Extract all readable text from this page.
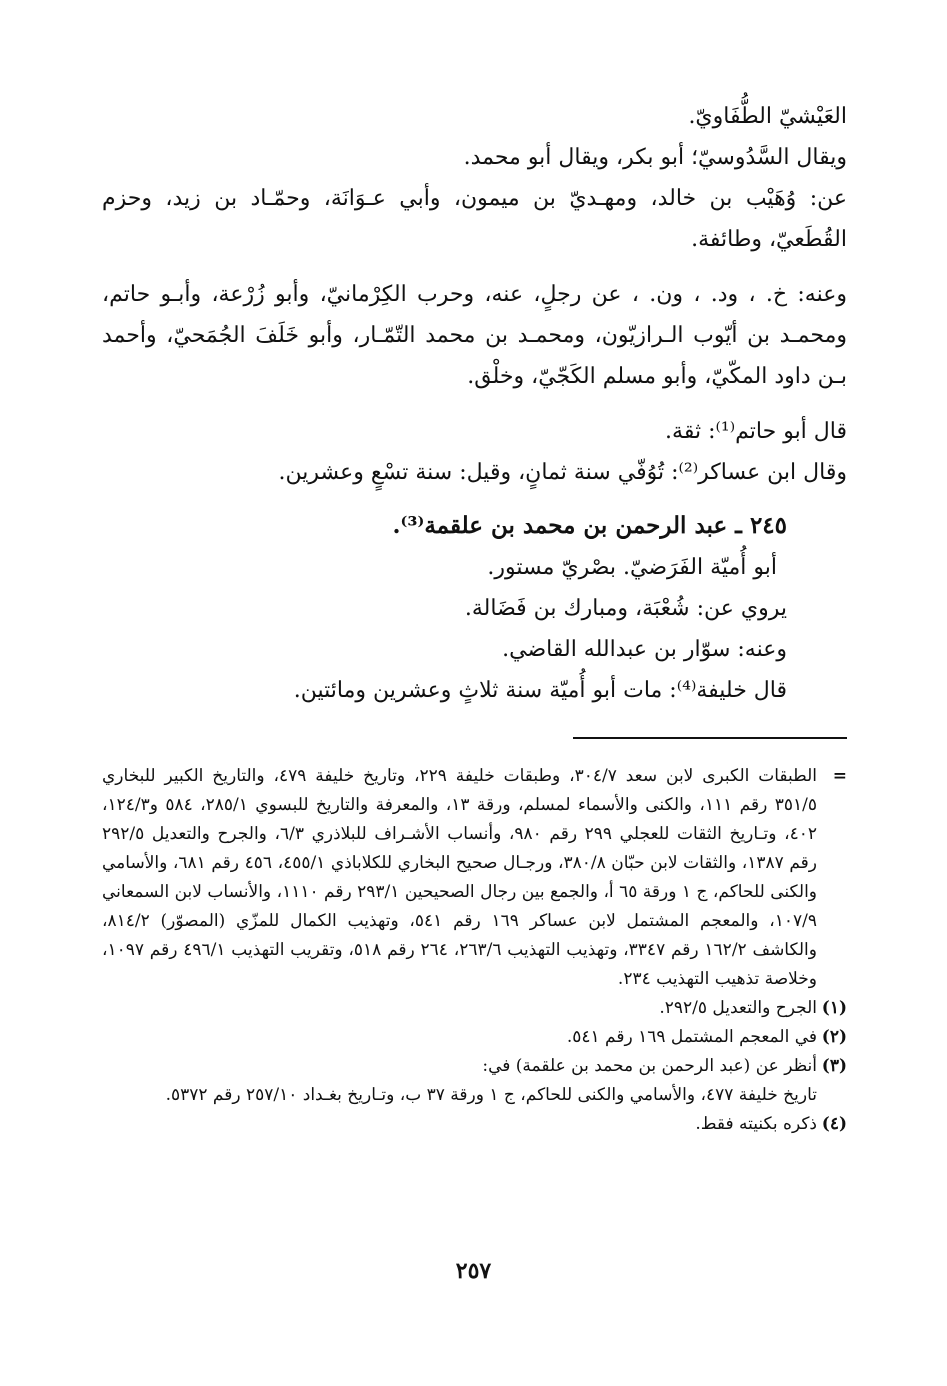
العَيْشيّ الطُّفَاويّ.

ويقال السَّدُوسيّ؛ أبو بكر، ويقال أبو محمد.

عن: وُهَيْب بن خالد، ومهـديّ بن ميمون، وأبي عـوَانَة، وحمّـاد بن زيد، وحزم القُطَعيّ، وطائفة.

وعنه: خ. ، ود. ، ون. ، عن رجلٍ، عنه، وحرب الكِرْمانيّ، وأبو زُرْعة، وأبـو حاتم، ومحمـد بن أيّوب الـرازيّون، ومحمـد بن محمد التّمّـار، وأبو خَلَفَ الجُمَحيّ، وأحمد بـن داود المكّيّ، وأبو مسلم الكَجّيّ، وخلْق.

قال أبو حاتم⁽¹⁾: ثقة.

وقال ابن عساكر⁽²⁾: تُوُفّي سنة ثمانٍ، وقيل: سنة تسْعٍ وعشرين.

٢٤٥ ـ عبد الرحمن بن محمد بن علقمة⁽³⁾.

أبو أُميّة الفَرَضيّ. بصْريّ مستور.

يروي عن: شُعْبَة، ومبارك بن فَضَالة.

وعنه: سوّار بن عبدالله القاضي.

قال خليفة⁽⁴⁾: مات أبو أُميّة سنة ثلاثٍ وعشرين ومائتين.

=
الطبقات الكبرى لابن سعد ٣٠٤/٧، وطبقات خليفة ٢٢٩، وتاريخ خليفة ٤٧٩، والتاريخ الكبير للبخاري ٣٥١/٥ رقم ١١١، والكنى والأسماء لمسلم، ورقة ١٣، والمعرفة والتاريخ للبسوي ٢٨٥/١، ٥٨٤ و١٢٤/٣، ٤٠٢، وتـاريخ الثقات للعجلي ٢٩٩ رقم ٩٨٠، وأنساب الأشـراف للبلاذري ٦/٣، والجرح والتعديل ٢٩٢/٥ رقم ١٣٨٧، والثقات لابن حبّان ٣٨٠/٨، ورجـال صحيح البخاري للكلاباذي ٤٥٥/١، ٤٥٦ رقم ٦٨١، والأسامي والكنى للحاكم، ج ١ ورقة ٦٥ أ، والجمع بين رجال الصحيحين ٢٩٣/١ رقم ١١١٠، والأنساب لابن السمعاني ١٠٧/٩، والمعجم المشتمل لابن عساكر ١٦٩ رقم ٥٤١، وتهذيب الكمال للمزّي (المصوّر) ٨١٤/٢، والكاشف ١٦٢/٢ رقم ٣٣٤٧، وتهذيب التهذيب ٢٦٣/٦، ٢٦٤ رقم ٥١٨، وتقريب التهذيب ٤٩٦/١ رقم ١٠٩٧، وخلاصة تذهيب التهذيب ٢٣٤.
(١)
الجرح والتعديل ٢٩٢/٥.
(٢)
في المعجم المشتمل ١٦٩ رقم ٥٤١.
(٣)
أنظر عن (عبد الرحمن بن محمد بن علقمة) في:
تاريخ خليفة ٤٧٧، والأسامي والكنى للحاكم، ج ١ ورقة ٣٧ ب، وتـاريخ بغـداد ٢٥٧/١٠ رقم ٥٣٧٢.
(٤)
ذكره بكنيته فقط.
٢٥٧
